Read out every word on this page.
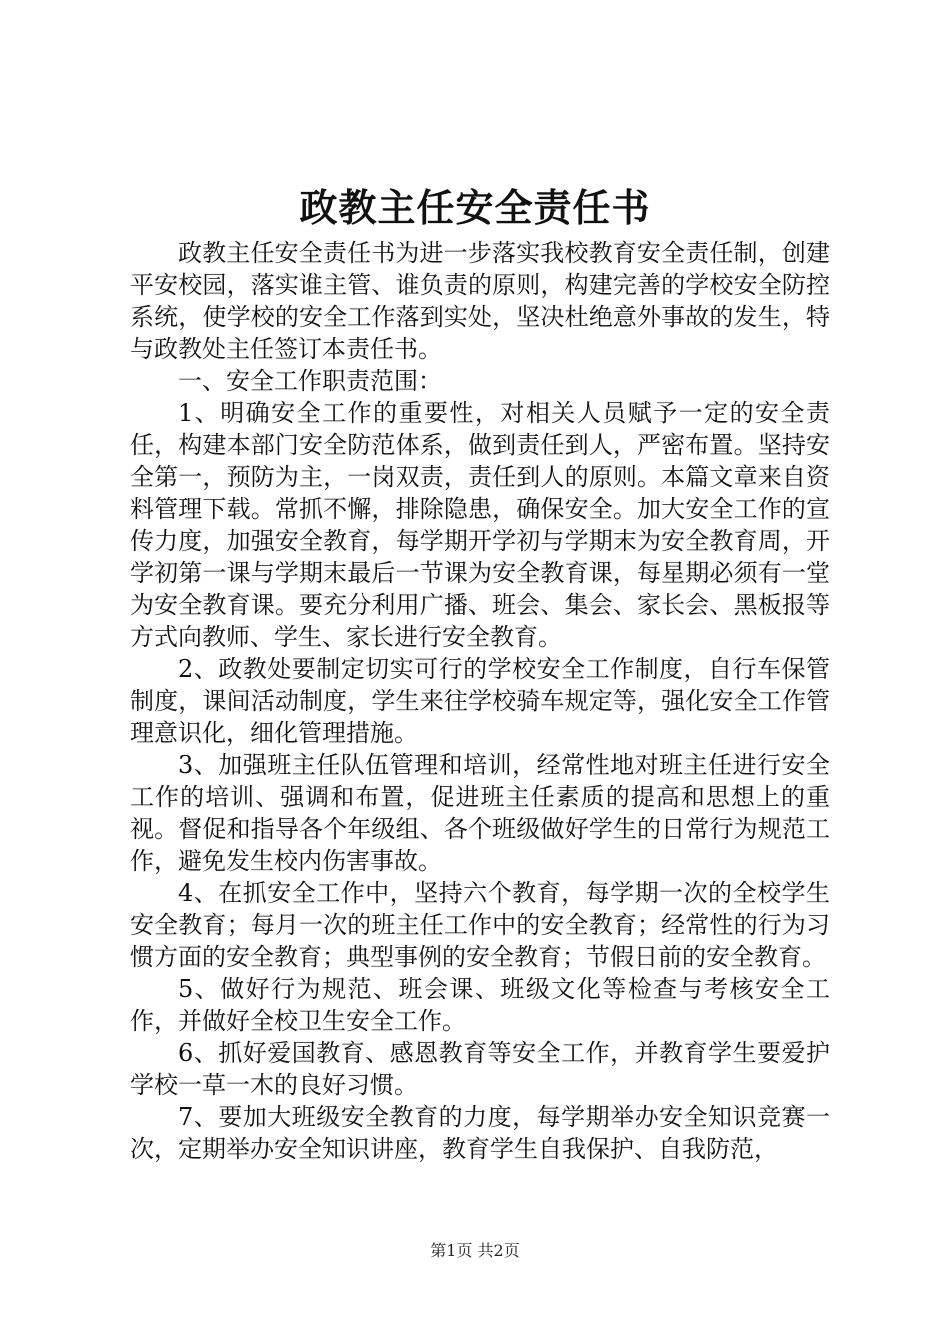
政教主任安全责任书

政教主任安全责任书为进一步落实我校教育安全责任制，创建平安校园，落实谁主管、谁负责的原则，构建完善的学校安全防控系统，使学校的安全工作落到实处，坚决杜绝意外事故的发生，特与政教处主任签订本责任书。

一、安全工作职责范围：

1、明确安全工作的重要性，对相关人员赋予一定的安全责任，构建本部门安全防范体系，做到责任到人，严密布置。坚持安全第一，预防为主，一岗双责，责任到人的原则。本篇文章来自资料管理下载。常抓不懈，排除隐患，确保安全。加大安全工作的宣传力度，加强安全教育，每学期开学初与学期末为安全教育周，开学初第一课与学期末最后一节课为安全教育课，每星期必须有一堂为安全教育课。要充分利用广播、班会、集会、家长会、黑板报等方式向教师、学生、家长进行安全教育。

2、政教处要制定切实可行的学校安全工作制度，自行车保管制度，课间活动制度，学生来往学校骑车规定等，强化安全工作管理意识化，细化管理措施。

3、加强班主任队伍管理和培训，经常性地对班主任进行安全工作的培训、强调和布置，促进班主任素质的提高和思想上的重视。督促和指导各个年级组、各个班级做好学生的日常行为规范工作，避免发生校内伤害事故。

4、在抓安全工作中，坚持六个教育，每学期一次的全校学生安全教育；每月一次的班主任工作中的安全教育；经常性的行为习惯方面的安全教育；典型事例的安全教育；节假日前的安全教育。

5、做好行为规范、班会课、班级文化等检查与考核安全工作，并做好全校卫生安全工作。

6、抓好爱国教育、感恩教育等安全工作，并教育学生要爱护学校一草一木的良好习惯。

7、要加大班级安全教育的力度，每学期举办安全知识竞赛一次，定期举办安全知识讲座，教育学生自我保护、自我防范，

第1页 共2页
